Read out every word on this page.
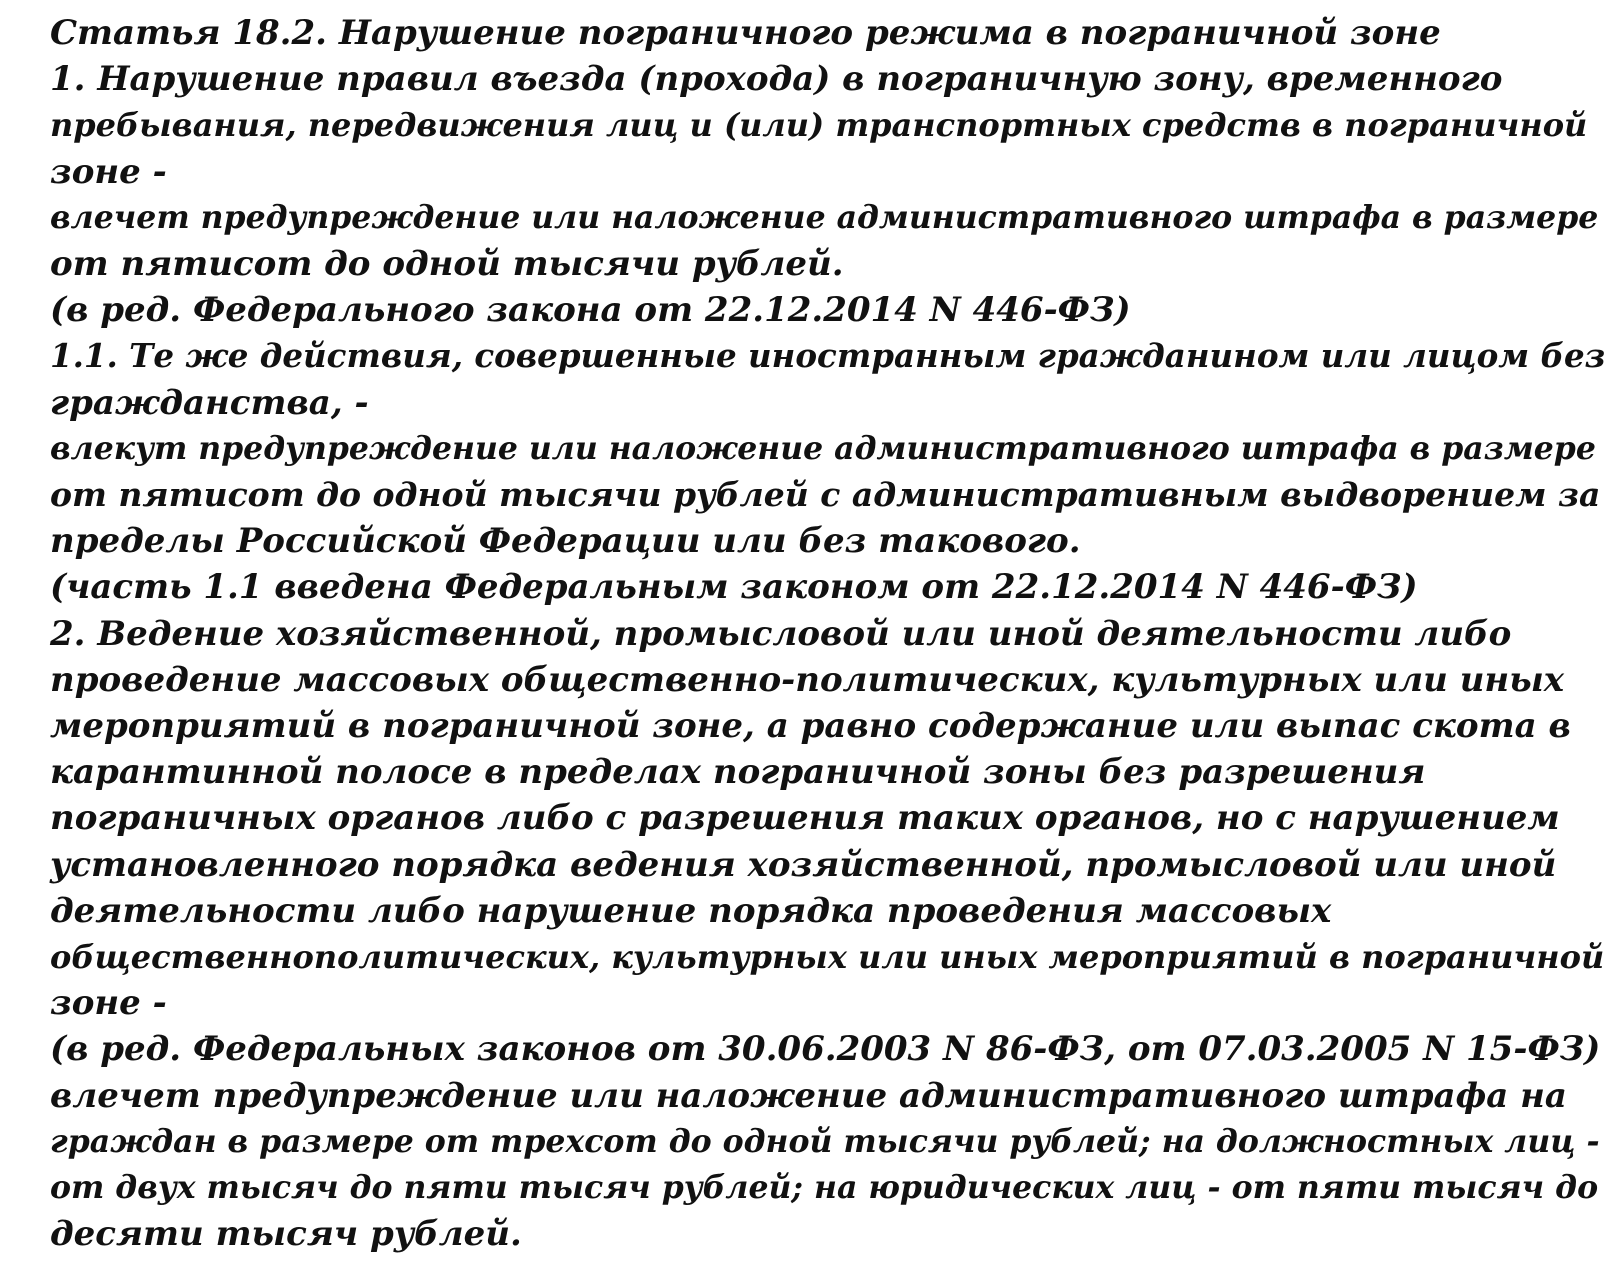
Статья 18.2. Нарушение пограничного режима в пограничной зоне
1. Нарушение правил въезда (прохода) в пограничную зону, временного
пребывания, передвижения лиц и (или) транспортных средств в пограничной
зоне -
влечет предупреждение или наложение административного штрафа в размере
от пятисот до одной тысячи рублей.
(в ред. Федерального закона от 22.12.2014 N 446-ФЗ)
1.1. Те же действия, совершенные иностранным гражданином или лицом без
гражданства, -
влекут предупреждение или наложение административного штрафа в размере
от пятисот до одной тысячи рублей с административным выдворением за
пределы Российской Федерации или без такового.
(часть 1.1 введена Федеральным законом от 22.12.2014 N 446-ФЗ)
2. Ведение хозяйственной, промысловой или иной деятельности либо
проведение массовых общественно-политических, культурных или иных
мероприятий в пограничной зоне, а равно содержание или выпас скота в
карантинной полосе в пределах пограничной зоны без разрешения
пограничных органов либо с разрешения таких органов, но с нарушением
установленного порядка ведения хозяйственной, промысловой или иной
деятельности либо нарушение порядка проведения массовых
общественнополитических, культурных или иных мероприятий в пограничной
зоне -
(в ред. Федеральных законов от 30.06.2003 N 86-ФЗ, от 07.03.2005 N 15-ФЗ)
влечет предупреждение или наложение административного штрафа на
граждан в размере от трехсот до одной тысячи рублей; на должностных лиц -
от двух тысяч до пяти тысяч рублей; на юридических лиц - от пяти тысяч до
десяти тысяч рублей.
